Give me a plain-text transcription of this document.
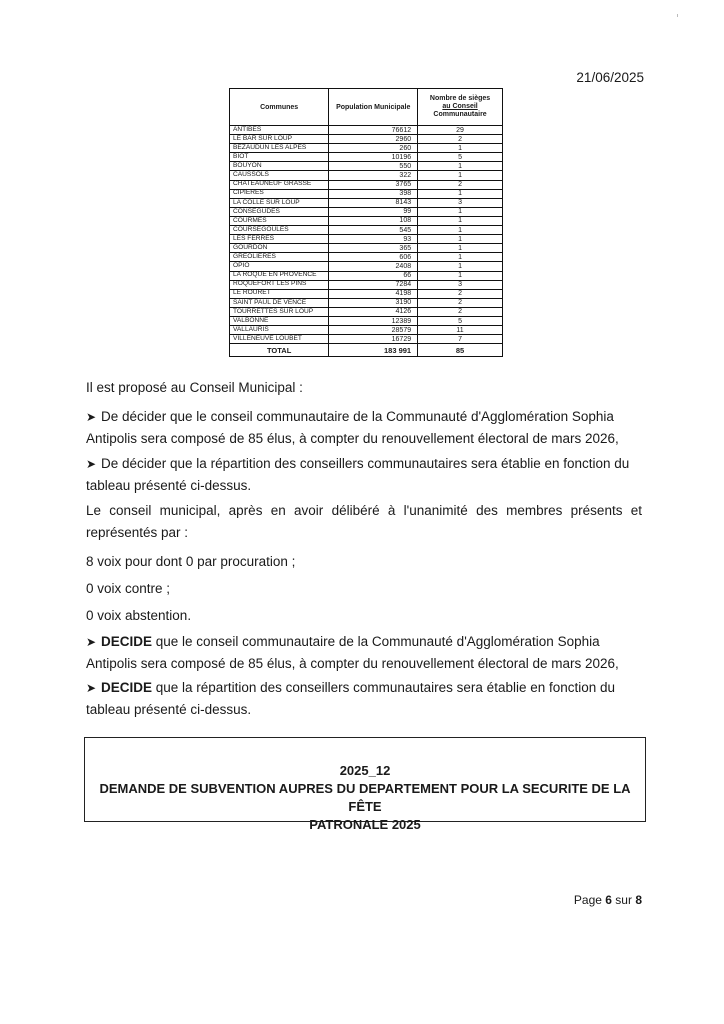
21/06/2025
Communes	Population Municipale	Nombre de sièges
au Conseil
Communautaire
ANTIBES	76612	29
LE BAR SUR LOUP	2960	2
BEZAUDUN LES ALPES	260	1
BIOT	10196	5
BOUYON	550	1
CAUSSOLS	322	1
CHATEAUNEUF GRASSE	3765	2
CIPIERES	398	1
LA COLLE SUR LOUP	8143	3
CONSEGUDES	99	1
COURMES	108	1
COURSEGOULES	545	1
LES FERRES	93	1
GOURDON	365	1
GREOLIERES	606	1
OPIO	2408	1
LA ROQUE EN PROVENCE	66	1
ROQUEFORT LES PINS	7284	3
LE ROURET	4198	2
SAINT PAUL DE VENCE	3190	2
TOURRETTES SUR LOUP	4126	2
VALBONNE	12389	5
VALLAURIS	28579	11
VILLENEUVE LOUBET	16729	7
TOTAL	183 991	85
Il est proposé au Conseil Municipal :
➤ De décider que le conseil communautaire de la Communauté d'Agglomération Sophia Antipolis sera composé de 85 élus, à compter du renouvellement électoral de mars 2026,
➤ De décider que la répartition des conseillers communautaires sera établie en fonction du tableau présenté ci-dessus.
Le conseil municipal, après en avoir délibéré à l'unanimité des membres présents et représentés par :
8 voix pour dont 0 par procuration ;
0 voix contre ;
0 voix abstention.
➤ DECIDE que le conseil communautaire de la Communauté d'Agglomération Sophia Antipolis sera composé de 85 élus, à compter du renouvellement électoral de mars 2026,
➤ DECIDE que la répartition des conseillers communautaires sera établie en fonction du tableau présenté ci-dessus.
2025_12
DEMANDE DE SUBVENTION AUPRES DU DEPARTEMENT POUR LA SECURITE DE LA FÊTE
PATRONALE 2025
Page 6 sur 8
